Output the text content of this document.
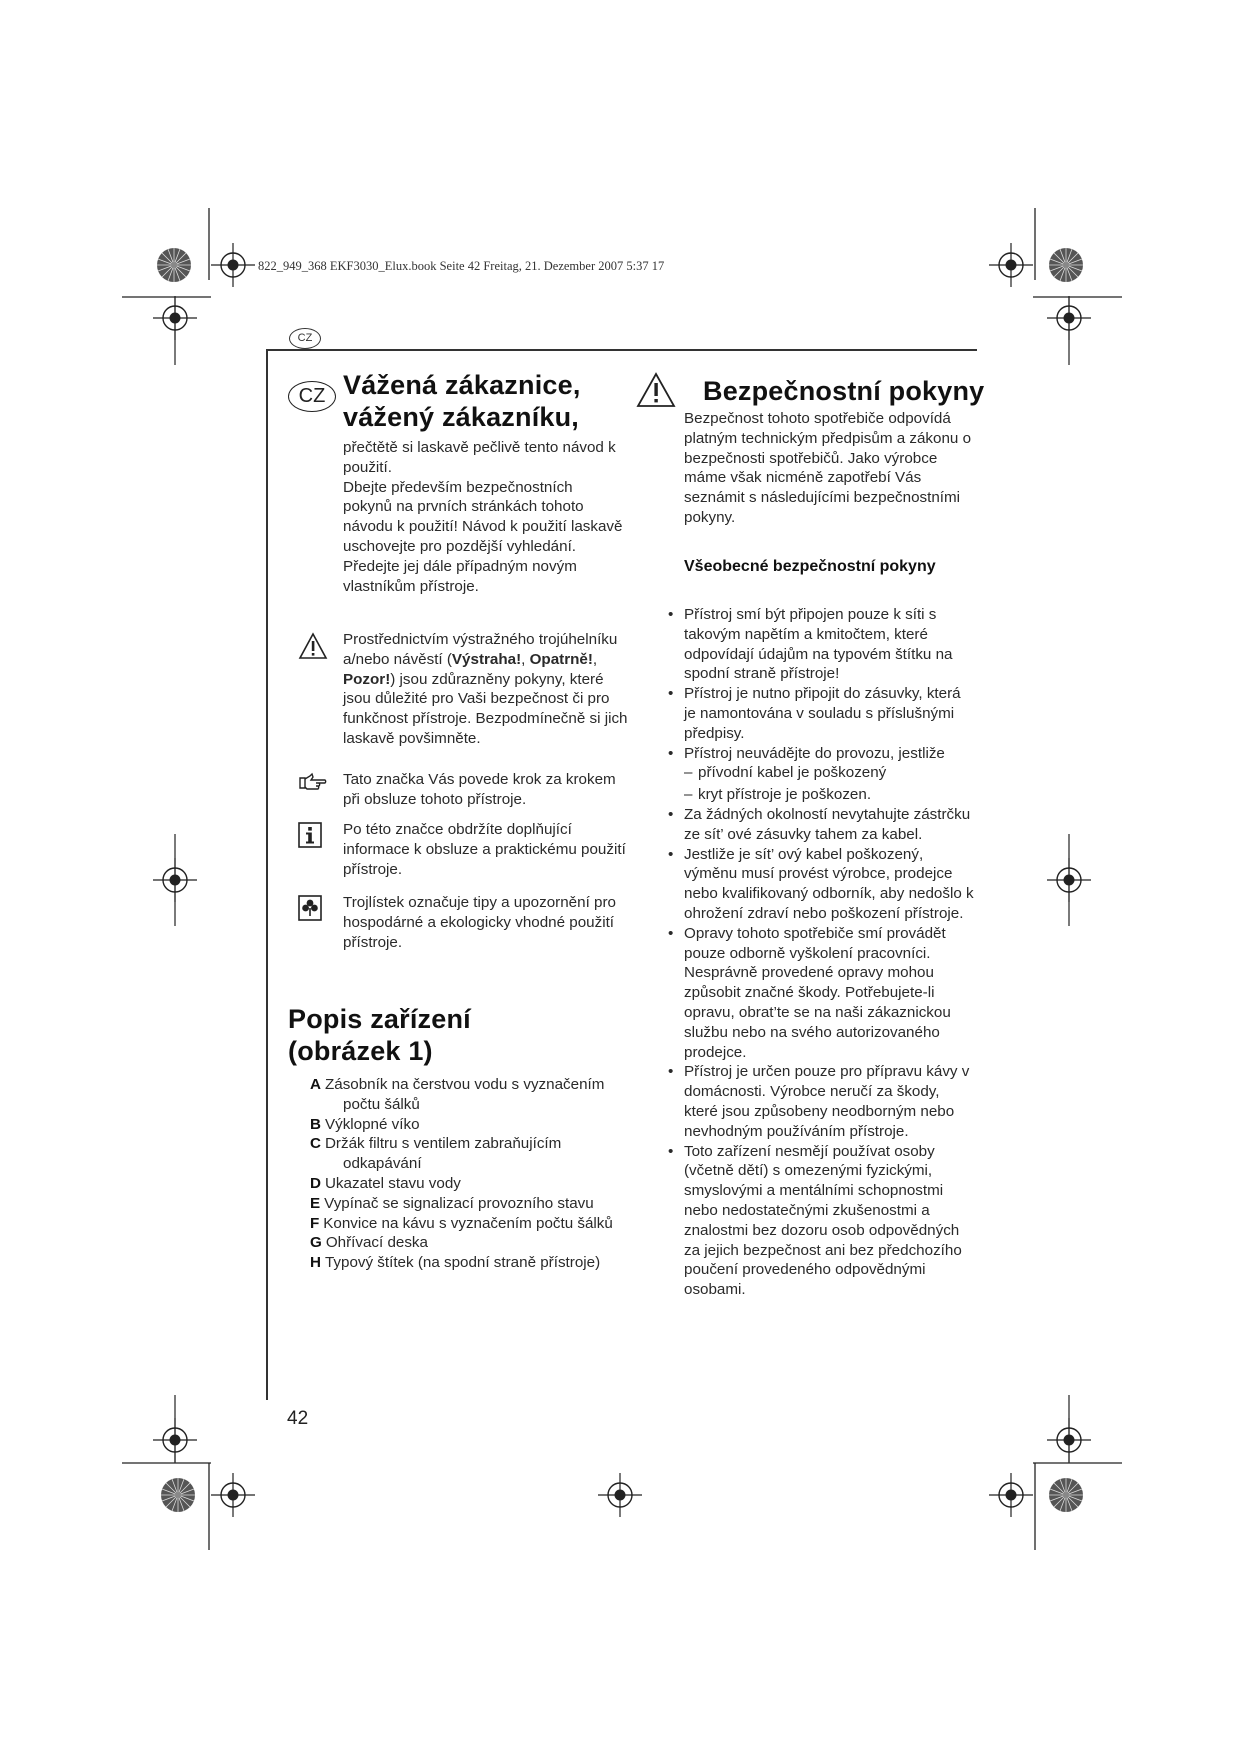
822_949_368 EKF3030_Elux.book Seite 42 Freitag, 21. Dezember 2007 5:37 17
CZ
CZ Vážená zákaznice,
vážený zákazníku,

přečtětě si laskavě pečlivě tento návod k použití.

Dbejte především bezpečnostních pokynů na prvních stránkách tohoto návodu k použití! Návod k použití laskavě uschovejte pro pozdější vyhledání. Předejte jej dále případným novým vlastníkům přístroje.

Prostřednictvím výstražného trojúhelníku a/nebo návěstí (Výstraha!, Opatrně!, Pozor!) jsou zdůrazněny pokyny, které jsou důležité pro Vaši bezpečnost či pro funkčnost přístroje. Bezpodmínečně si jich laskavě povšimněte.
Tato značka Vás povede krok za krokem při obsluze tohoto přístroje.
Po této značce obdržíte doplňující informace k obsluze a praktickému použití přístroje.
Trojlístek označuje tipy a upozornění pro hospodárné a ekologicky vhodné použití přístroje.
Popis zařízení
(obrázek 1)
A Zásobník na čerstvou vodu s vyznačením počtu šálků
B Výklopné víko
C Držák filtru s ventilem zabraňujícím odkapávání
D Ukazatel stavu vody
E Vypínač se signalizací provozního stavu
F Konvice na kávu s vyznačením počtu šálků
G Ohřívací deska
H Typový štítek (na spodní straně přístroje)
42
Bezpečnostní pokyny
Bezpečnost tohoto spotřebiče odpovídá platným technickým předpisům a zákonu o bezpečnosti spotřebičů. Jako výrobce máme však nicméně zapotřebí Vás seznámit s následujícími bezpečnostními pokyny.
Všeobecné bezpečnostní pokyny
• Přístroj smí být připojen pouze k síti s takovým napětím a kmitočtem, které odpovídají údajům na typovém štítku na spodní straně přístroje!
• Přístroj je nutno připojit do zásuvky, která je namontována v souladu s příslušnými předpisy.
• Přístroj neuvádějte do provozu, jestliže
– přívodní kabel je poškozený
– kryt přístroje je poškozen.
• Za žádných okolností nevytahujte zástrčku ze sít’ ové zásuvky tahem za kabel.
• Jestliže je sít’ ový kabel poškozený, výměnu musí provést výrobce, prodejce nebo kvalifikovaný odborník, aby nedošlo k ohrožení zdraví nebo poškození přístroje.
• Opravy tohoto spotřebiče smí provádět pouze odborně vyškolení pracovníci. Nesprávně provedené opravy mohou způsobit značné škody. Potřebujete-li opravu, obrat’te se na naši zákaznickou službu nebo na svého autorizovaného prodejce.
• Přístroj je určen pouze pro přípravu kávy v domácnosti. Výrobce neručí za škody, které jsou způsobeny neodborným nebo nevhodným používáním přístroje.
• Toto zařízení nesmějí používat osoby (včetně dětí) s omezenými fyzickými, smyslovými a mentálními schopnostmi nebo nedostatečnými zkušenostmi a znalostmi bez dozoru osob odpovědných za jejich bezpečnost ani bez předchozího poučení provedeného odpovědnými osobami.
